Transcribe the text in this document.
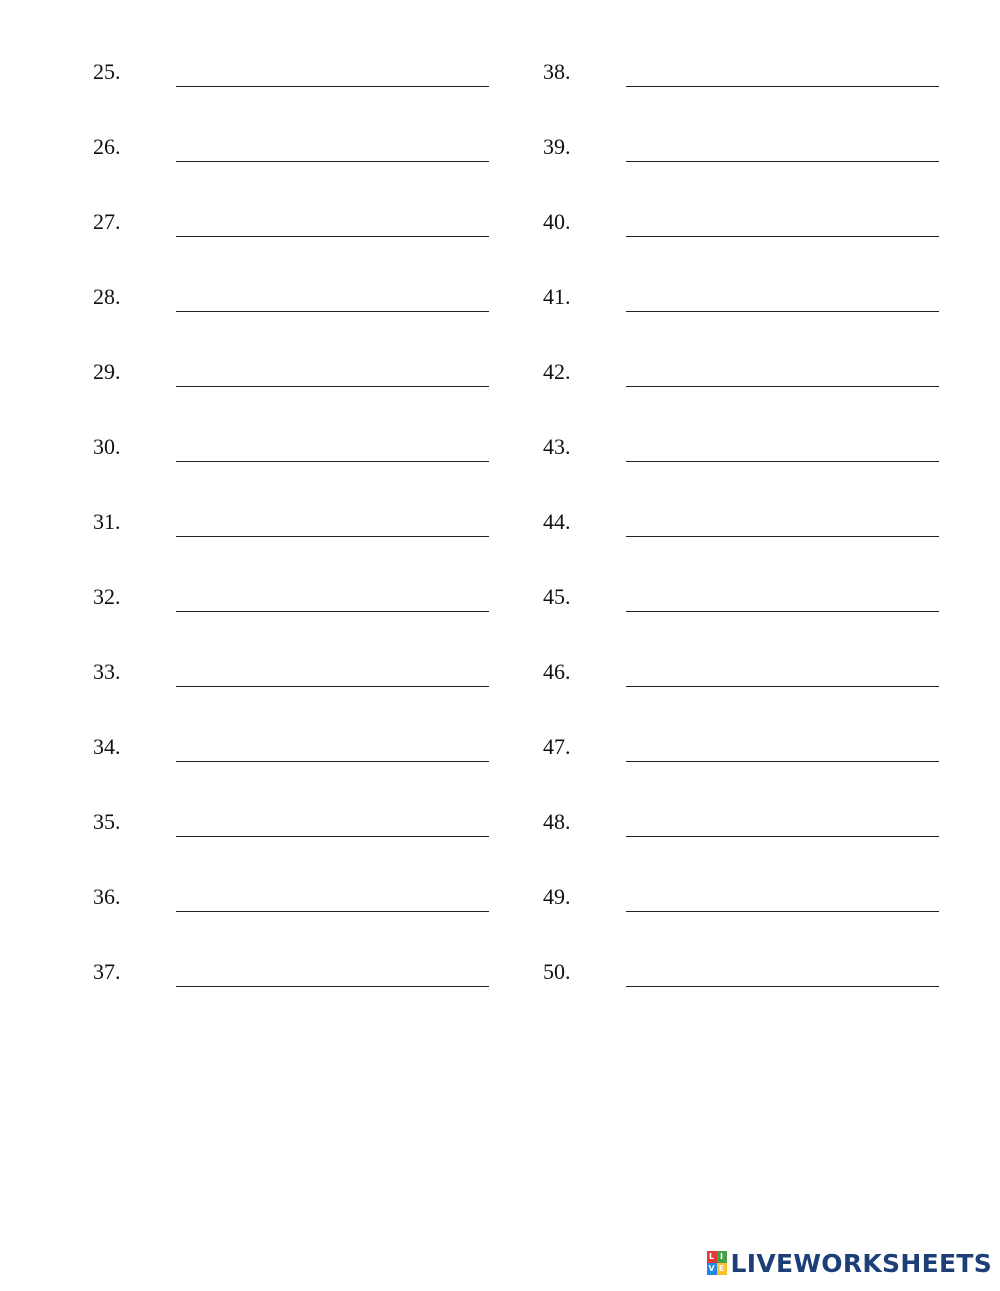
25.
26.
27.
28.
29.
30.
31.
32.
33.
34.
35.
36.
37.
38.
39.
40.
41.
42.
43.
44.
45.
46.
47.
48.
49.
50.
L I
V E LIVEWORKSHEETS
